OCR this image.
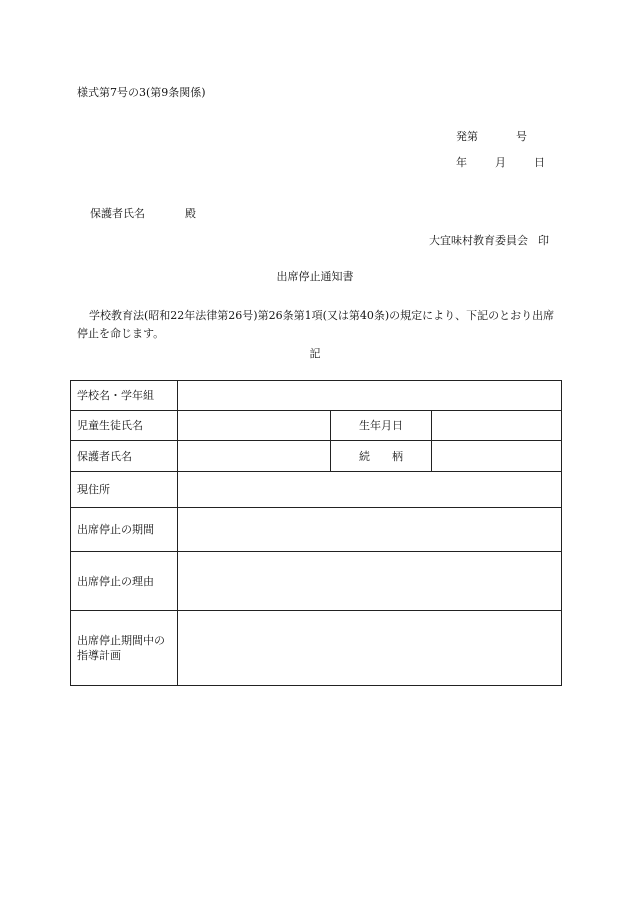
様式第7号の3(第9条関係)
発第	号
年	月	日
保護者氏名	殿
大宜味村教育委員会 印
出席停止通知書
学校教育法(昭和22年法律第26号)第26条第1項(又は第40条)の規定により、下記のとおり出席停止を命じます。
記
学校名・学年組			
児童生徒氏名		生年月日	
保護者氏名		続　　柄	
現住所			
出席停止の期間			
出席停止の理由			
出席停止期間中の指導計画			
